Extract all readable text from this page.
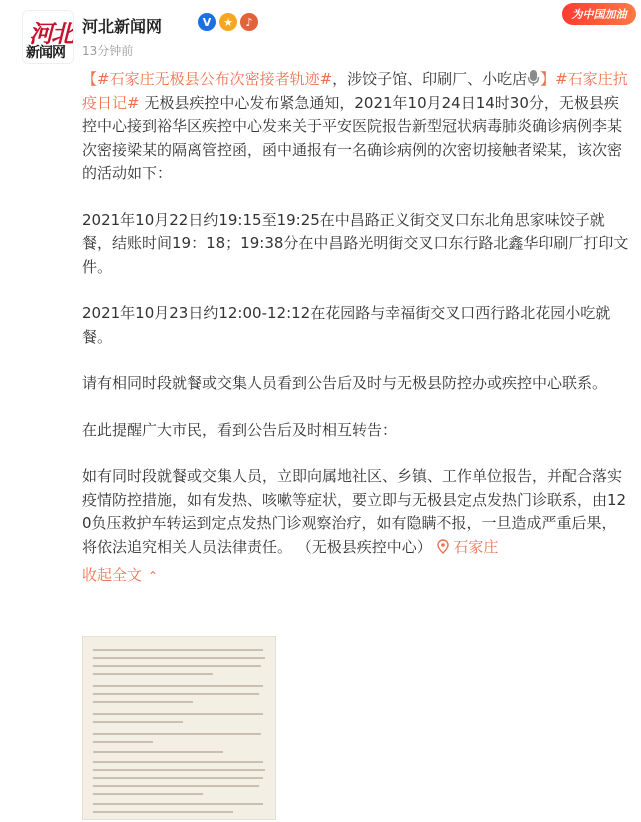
河北
新闻网
河北新闻网	V	★	♪
13分钟前
为中国加油

【#石家庄无极县公布次密接者轨迹#，涉饺子馆、印刷厂、小吃店 】#石家庄抗疫日记# 无极县疾控中心发布紧急通知，2021年10月24日14时30分，无极县疾控中心接到裕华区疾控中心发来关于平安医院报告新型冠状病毒肺炎确诊病例李某次密接梁某的隔离管控函，函中通报有一名确诊病例的次密切接触者梁某，该次密的活动如下：

2021年10月22日约19:15至19:25在中昌路正义街交叉口东北角思家味饺子就餐，结账时间19：18；19:38分在中昌路光明街交叉口东行路北鑫华印刷厂打印文件。

2021年10月23日约12:00-12:12在花园路与幸福街交叉口西行路北花园小吃就餐。

请有相同时段就餐或交集人员看到公告后及时与无极县防控办或疾控中心联系。

在此提醒广大市民，看到公告后及时相互转告：

如有同时段就餐或交集人员，立即向属地社区、乡镇、工作单位报告，并配合落实疫情防控措施，如有发热、咳嗽等症状，要立即与无极县定点发热门诊联系，由120负压救护车转运到定点发热门诊观察治疗，如有隐瞒不报，一旦造成严重后果，将依法追究相关人员法律责任。 （无极县疾控中心） 石家庄

收起全文 ⌃
